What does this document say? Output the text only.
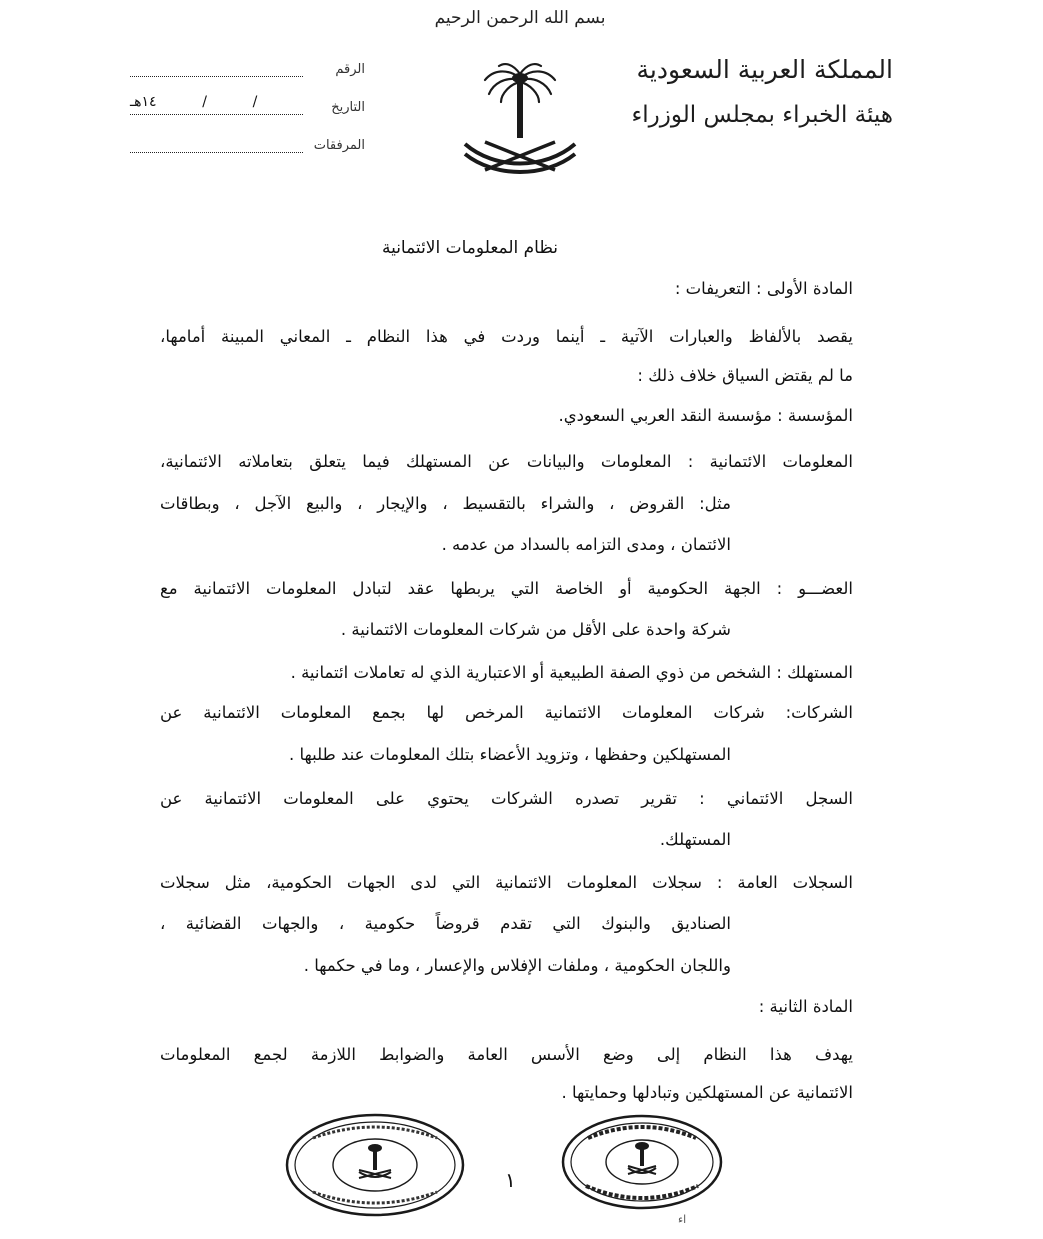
بسم الله الرحمن الرحيم
المملكة العربية السعودية
هيئة الخبراء بمجلس الوزراء
الرقم
التاريخ
١٤هـ	/	/
المرفقات
نظام المعلومات الائتمانية
المادة الأولى : التعريفات :
يقصد بالألفاظ والعبارات الآتية ـ أينما وردت في هذا النظام ـ المعاني المبينة أمامها،
ما لم يقتض السياق خلاف ذلك :
المؤسسة : مؤسسة النقد العربي السعودي.
المعلومات الائتمانية : المعلومات والبيانات عن المستهلك فيما يتعلق بتعاملاته الائتمانية،
مثل: القروض ، والشراء بالتقسيط ، والإيجار ، والبيع الآجل ، وبطاقات
الائتمان ، ومدى التزامه بالسداد من عدمه .
العضـــو : الجهة الحكومية أو الخاصة التي يربطها عقد لتبادل المعلومات الائتمانية مع
شركة واحدة على الأقل من شركات المعلومات الائتمانية .
المستهلك : الشخص من ذوي الصفة الطبيعية أو الاعتبارية الذي له تعاملات ائتمانية .
الشركات: شركات المعلومات الائتمانية المرخص لها بجمع المعلومات الائتمانية عن
المستهلكين وحفظها ، وتزويد الأعضاء بتلك المعلومات عند طلبها .
السجل الائتماني : تقرير تصدره الشركات يحتوي على المعلومات الائتمانية عن
المستهلك.
السجلات العامة : سجلات المعلومات الائتمانية التي لدى الجهات الحكومية، مثل سجلات
الصناديق والبنوك التي تقدم قروضاً حكومية ، والجهات القضائية ،
واللجان الحكومية ، وملفات الإفلاس والإعسار ، وما في حكمها .
المادة الثانية :
يهدف هذا النظام إلى وضع الأسس العامة والضوابط اللازمة لجمع المعلومات
الائتمانية عن المستهلكين وتبادلها وحمايتها .
١
اء
